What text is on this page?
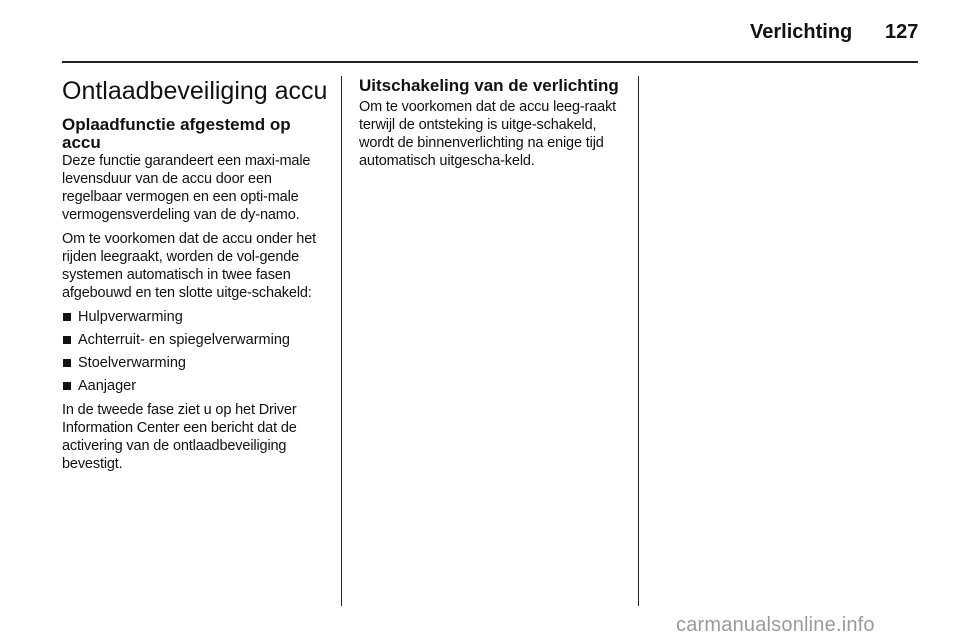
Verlichting 127
Ontlaadbeveiliging accu
Oplaadfunctie afgestemd op accu

Deze functie garandeert een maxi-male levensduur van de accu door een regelbaar vermogen en een opti-male vermogensverdeling van de dy-namo.

Om te voorkomen dat de accu onder het rijden leegraakt, worden de vol-gende systemen automatisch in twee fasen afgebouwd en ten slotte uitge-schakeld:

Hulpverwarming
Achterruit- en spiegelverwarming
Stoelverwarming
Aanjager

In de tweede fase ziet u op het Driver Information Center een bericht dat de activering van de ontlaadbeveiliging bevestigt.

Uitschakeling van de verlichting

Om te voorkomen dat de accu leeg-raakt terwijl de ontsteking is uitge-schakeld, wordt de binnenverlichting na enige tijd automatisch uitgescha-keld.

carmanualsonline.info
